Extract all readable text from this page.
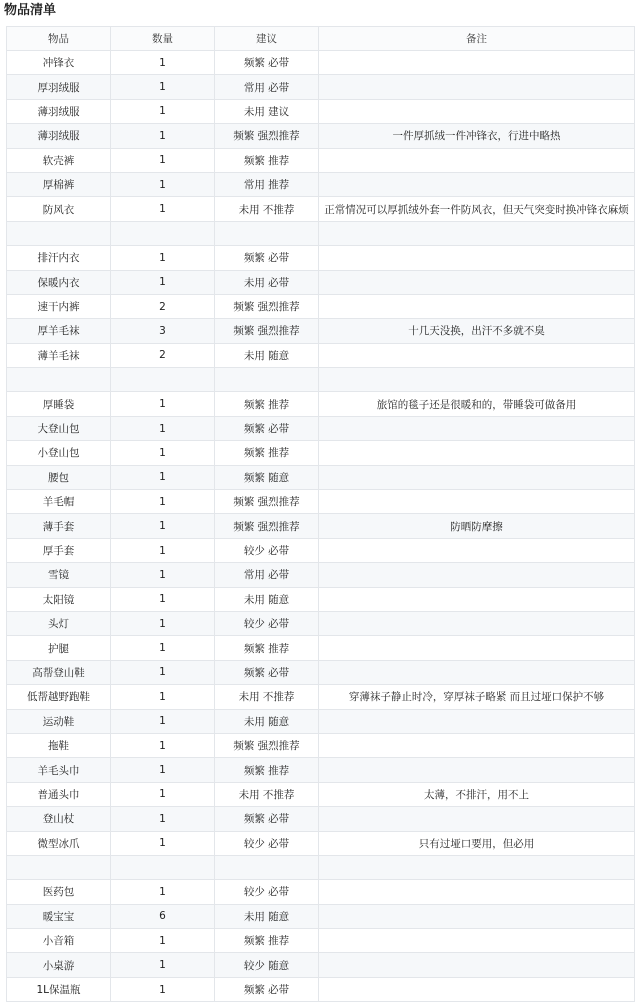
物品清单
物品	数量	建议	备注
冲锋衣	1	频繁 必带	
厚羽绒服	1	常用 必带	
薄羽绒服	1	未用 建议	
薄羽绒服	1	频繁 强烈推荐	一件厚抓绒一件冲锋衣，行进中略热
软壳裤	1	频繁 推荐	
厚棉裤	1	常用 推荐	
防风衣	1	未用 不推荐	正常情况可以厚抓绒外套一件防风衣，但天气突变时换冲锋衣麻烦

排汗内衣	1	频繁 必带	
保暖内衣	1	未用 必带	
速干内裤	2	频繁 强烈推荐	
厚羊毛袜	3	频繁 强烈推荐	十几天没换，出汗不多就不臭
薄羊毛袜	2	未用 随意	

厚睡袋	1	频繁 推荐	旅馆的毯子还是很暖和的，带睡袋可做备用
大登山包	1	频繁 必带	
小登山包	1	频繁 推荐	
腰包	1	频繁 随意	
羊毛帽	1	频繁 强烈推荐	
薄手套	1	频繁 强烈推荐	防晒防摩擦
厚手套	1	较少 必带	
雪镜	1	常用 必带	
太阳镜	1	未用 随意	
头灯	1	较少 必带	
护腿	1	频繁 推荐	
高帮登山鞋	1	频繁 必带	
低帮越野跑鞋	1	未用 不推荐	穿薄袜子静止时冷，穿厚袜子略紧 而且过垭口保护不够
运动鞋	1	未用 随意	
拖鞋	1	频繁 强烈推荐	
羊毛头巾	1	频繁 推荐	
普通头巾	1	未用 不推荐	太薄，不排汗，用不上
登山杖	1	频繁 必带	
微型冰爪	1	较少 必带	只有过垭口要用，但必用

医药包	1	较少 必带	
暖宝宝	6	未用 随意	
小音箱	1	频繁 推荐	
小桌游	1	较少 随意	
1L保温瓶	1	频繁 必带	
